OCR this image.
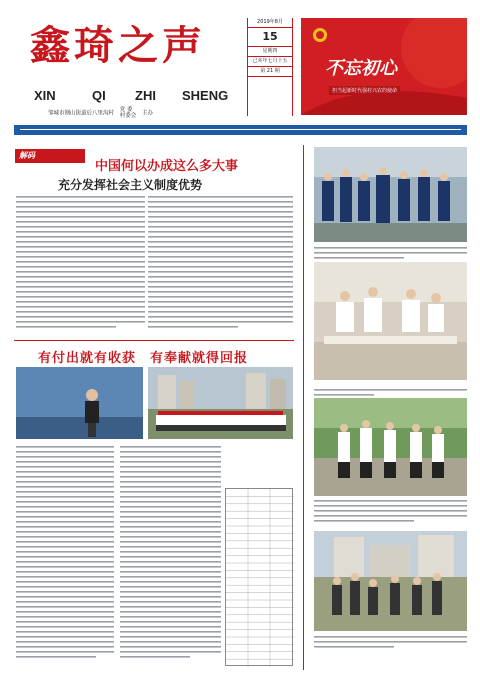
鑫琦之声
XIN	QI ZHI SHENG
邹城市钢山街道后八里沟村
党 委
村委会 主办
2019年8月
15
星期四
己亥年七月十五
第 21 期	不忘初心
担当起新时代强村兴农的使命
解码
中国何以办成这么多大事
充分发挥社会主义制度优势
有付出就有收获　有奉献就得回报
